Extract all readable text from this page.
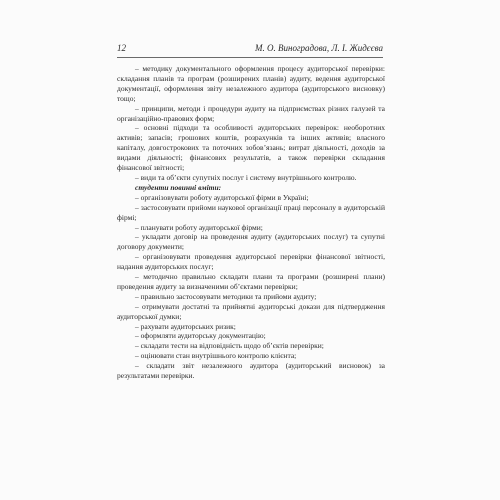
12	М. О. Виноградова, Л. І. Жидєєва

– методику документального оформлення процесу аудиторської перевірки: складання планів та програм (розширених планів) аудиту, ведення аудиторської документації, оформлення звіту незалежного аудитора (аудиторського висновку) тощо;

– принципи, методи і процедури аудиту на підприємствах різних галузей та організаційно-правових форм;

– основні підходи та особливості аудиторських перевірок: необоротних активів; запасів; грошових коштів, розрахунків та інших активів; власного капіталу, довгострокових та поточних зобов’язань; витрат діяльності, доходів за видами діяльності; фінансових результатів, а також перевірки складання фінансової звітності;

– види та об’єкти супутніх послуг і систему внутрішнього контролю.

студенти повинні вміти:

– організовувати роботу аудиторської фірми в Україні;

– застосовувати прийоми наукової організації праці персоналу в аудиторській фірмі;

– планувати роботу аудиторської фірми;

– укладати договір на проведення аудиту (аудиторських послуг) та супутні договору документи;

– організовувати проведення аудиторської перевірки фінансової звітності, надання аудиторських послуг;

– методично правильно складати плани та програми (розширені плани) проведення аудиту за визначеними об’єктами перевірки;

– правильно застосовувати методики та прийоми аудиту;

– отримувати достатні та прийнятні аудиторські докази для підтвердження аудиторської думки;

– рахувати аудиторських ризик;

– оформляти аудиторську документацію;

– складати тести на відповідність щодо об’єктів перевірки;

– оцінювати стан внутрішнього контролю клієнта;

– складати звіт незалежного аудитора (аудиторський висновок) за результатами перевірки.
